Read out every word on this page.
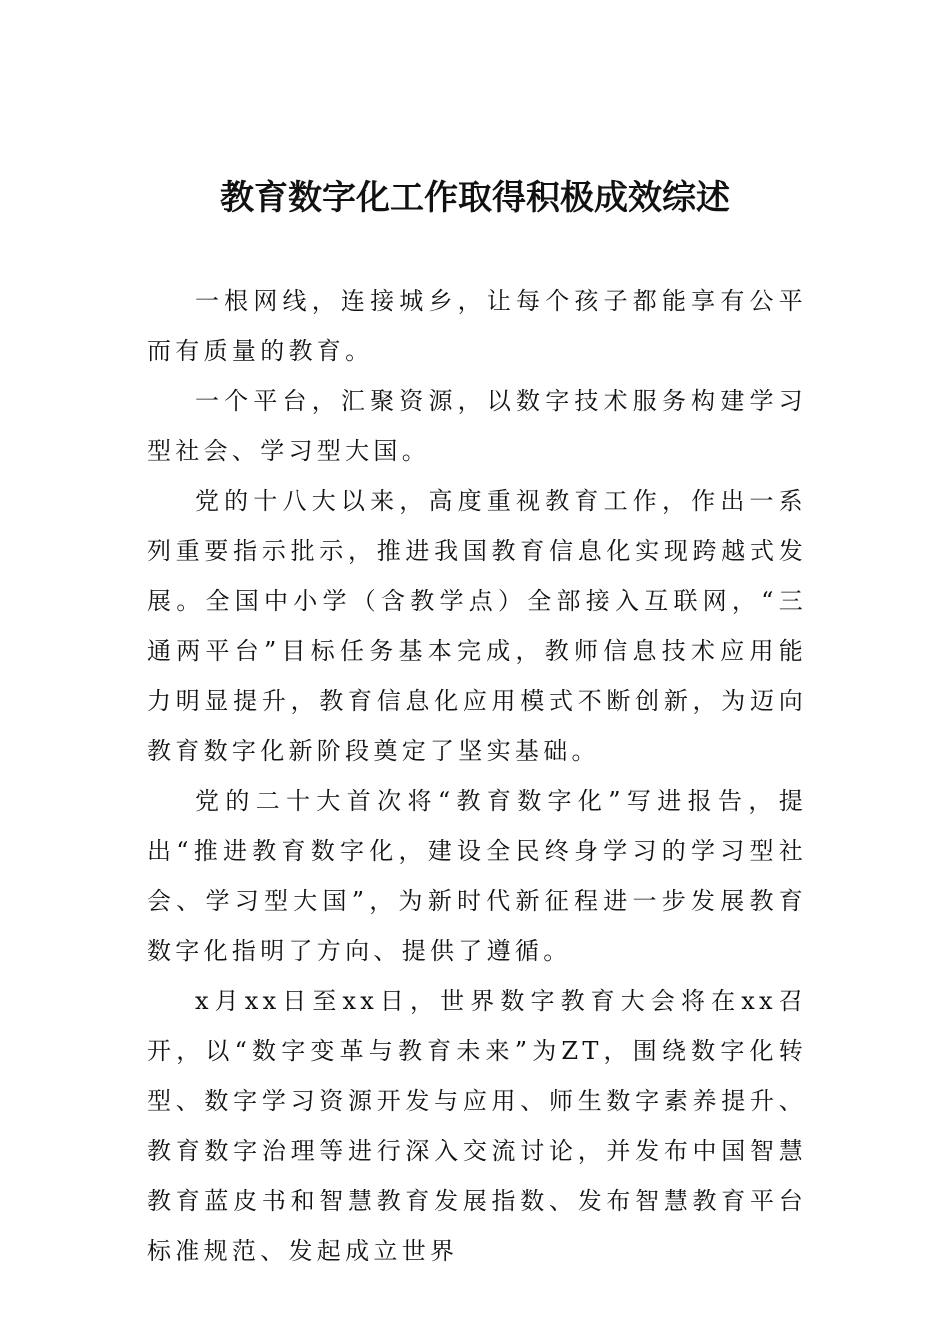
教育数字化工作取得积极成效综述

一根网线，连接城乡，让每个孩子都能享有公平而有质量的教育。

一个平台，汇聚资源，以数字技术服务构建学习型社会、学习型大国。

党的十八大以来，高度重视教育工作，作出一系列重要指示批示，推进我国教育信息化实现跨越式发展。全国中小学（含教学点）全部接入互联网，“三通两平台”目标任务基本完成，教师信息技术应用能力明显提升，教育信息化应用模式不断创新，为迈向教育数字化新阶段奠定了坚实基础。

党的二十大首次将“教育数字化”写进报告，提出“推进教育数字化，建设全民终身学习的学习型社会、学习型大国”，为新时代新征程进一步发展教育数字化指明了方向、提供了遵循。

x月xx日至xx日，世界数字教育大会将在xx召开，以“数字变革与教育未来”为ZT，围绕数字化转型、数字学习资源开发与应用、师生数字素养提升、教育数字治理等进行深入交流讨论，并发布中国智慧教育蓝皮书和智慧教育发展指数、发布智慧教育平台标准规范、发起成立世界
